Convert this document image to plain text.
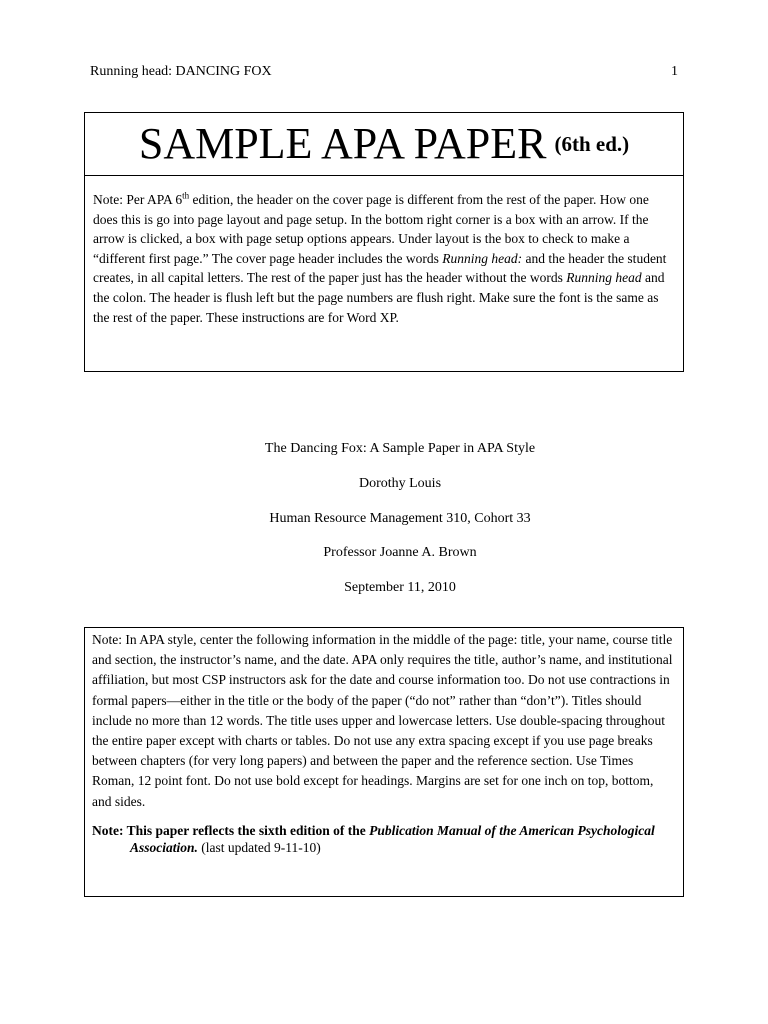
Running head: DANCING FOX	1
SAMPLE APA PAPER (6th ed.)
Note: Per APA 6th edition, the header on the cover page is different from the rest of the paper. How one does this is go into page layout and page setup. In the bottom right corner is a box with an arrow. If the arrow is clicked, a box with page setup options appears. Under layout is the box to check to make a “different first page.” The cover page header includes the words Running head: and the header the student creates, in all capital letters. The rest of the paper just has the header without the words Running head and the colon. The header is flush left but the page numbers are flush right. Make sure the font is the same as the rest of the paper. These instructions are for Word XP.
The Dancing Fox: A Sample Paper in APA Style
Dorothy Louis
Human Resource Management 310, Cohort 33
Professor Joanne A. Brown
September 11, 2010
Note: In APA style, center the following information in the middle of the page: title, your name, course title and section, the instructor’s name, and the date. APA only requires the title, author’s name, and institutional affiliation, but most CSP instructors ask for the date and course information too. Do not use contractions in formal papers—either in the title or the body of the paper (“do not” rather than “don’t”). Titles should include no more than 12 words. The title uses upper and lowercase letters. Use double-spacing throughout the entire paper except with charts or tables. Do not use any extra spacing except if you use page breaks between chapters (for very long papers) and between the paper and the reference section. Use Times Roman, 12 point font. Do not use bold except for headings. Margins are set for one inch on top, bottom, and sides.
Note: This paper reflects the sixth edition of the Publication Manual of the American Psychological Association. (last updated 9-11-10)
